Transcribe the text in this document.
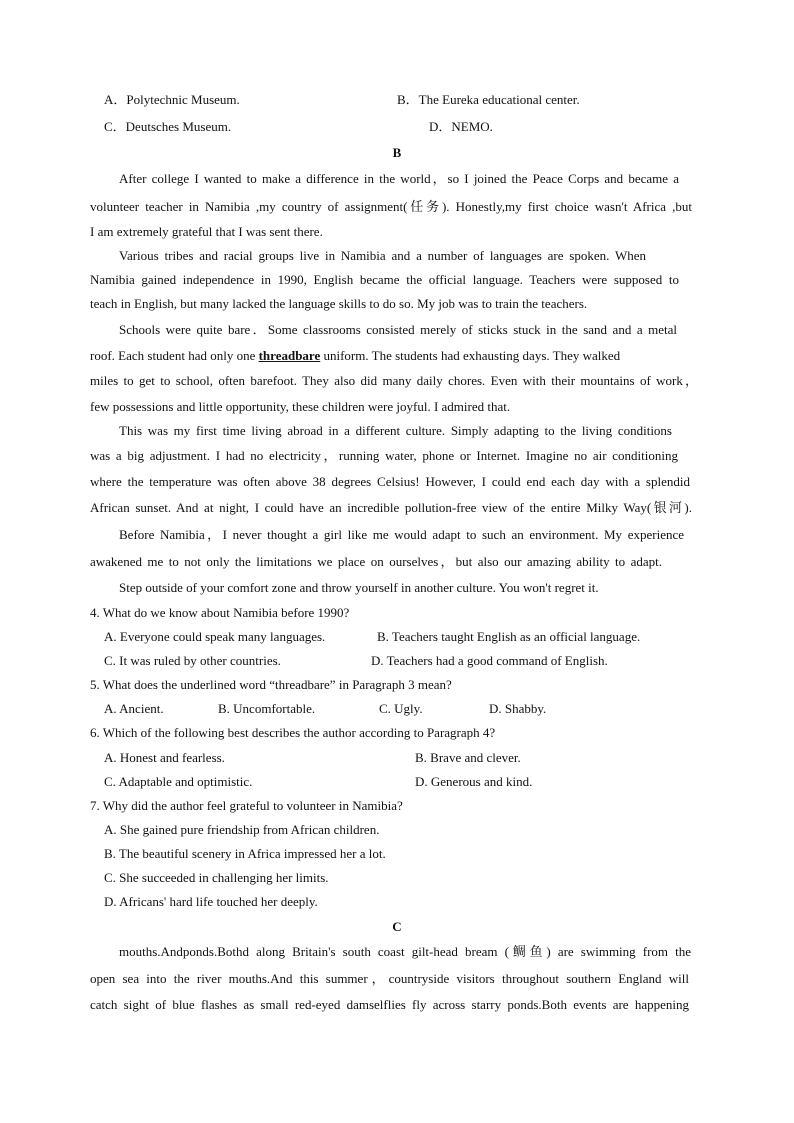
A．Polytechnic Museum.	B．The Eureka educational center.
C．Deutsches Museum.	D．NEMO.
B
After college I wanted to make a difference in the world，so I joined the Peace Corps and became a
volunteer teacher in Namibia ,my country of assignment(任务). Honestly,my first choice wasn't Africa ,but
I am extremely grateful that I was sent there.
Various tribes and racial groups live in Namibia and a number of languages are spoken. When
Namibia gained independence in 1990, English became the official language. Teachers were supposed to
teach in English, but many lacked the language skills to do so. My job was to train the teachers.
Schools were quite bare．Some classrooms consisted merely of sticks stuck in the sand and a metal
roof. Each student had only one threadbare uniform. The students had exhausting days. They walked
miles to get to school, often barefoot. They also did many daily chores. Even with their mountains of work，
few possessions and little opportunity, these children were joyful. I admired that.
This was my first time living abroad in a different culture. Simply adapting to the living conditions
was a big adjustment. I had no electricity，running water, phone or Internet. Imagine no air conditioning
where the temperature was often above 38 degrees Celsius! However, I could end each day with a splendid
African sunset. And at night, I could have an incredible pollution-free view of the entire Milky Way(银河).
Before Namibia，I never thought a girl like me would adapt to such an environment. My experience
awakened me to not only the limitations we place on ourselves，but also our amazing ability to adapt.
Step outside of your comfort zone and throw yourself in another culture. You won't regret it.
4. What do we know about Namibia before 1990?
A. Everyone could speak many languages.	B. Teachers taught English as an official language.
C. It was ruled by other countries.	D. Teachers had a good command of English.
5. What does the underlined word “threadbare” in Paragraph 3 mean?
A. Ancient.	B. Uncomfortable.	C. Ugly.	D. Shabby.
6. Which of the following best describes the author according to Paragraph 4?
A. Honest and fearless.	B. Brave and clever.
C. Adaptable and optimistic.	D. Generous and kind.
7. Why did the author feel grateful to volunteer in Namibia?
A. She gained pure friendship from African children.
B. The beautiful scenery in Africa impressed her a lot.
C. She succeeded in challenging her limits.
D. Africans' hard life touched her deeply.
C
mouths.Andponds.Bothd along Britain's south coast gilt-head bream (鲷鱼) are swimming from the
open sea into the river mouths.And this summer，countryside visitors throughout southern England will
catch sight of blue flashes as small red-eyed damselflies fly across starry ponds.Both events are happening
